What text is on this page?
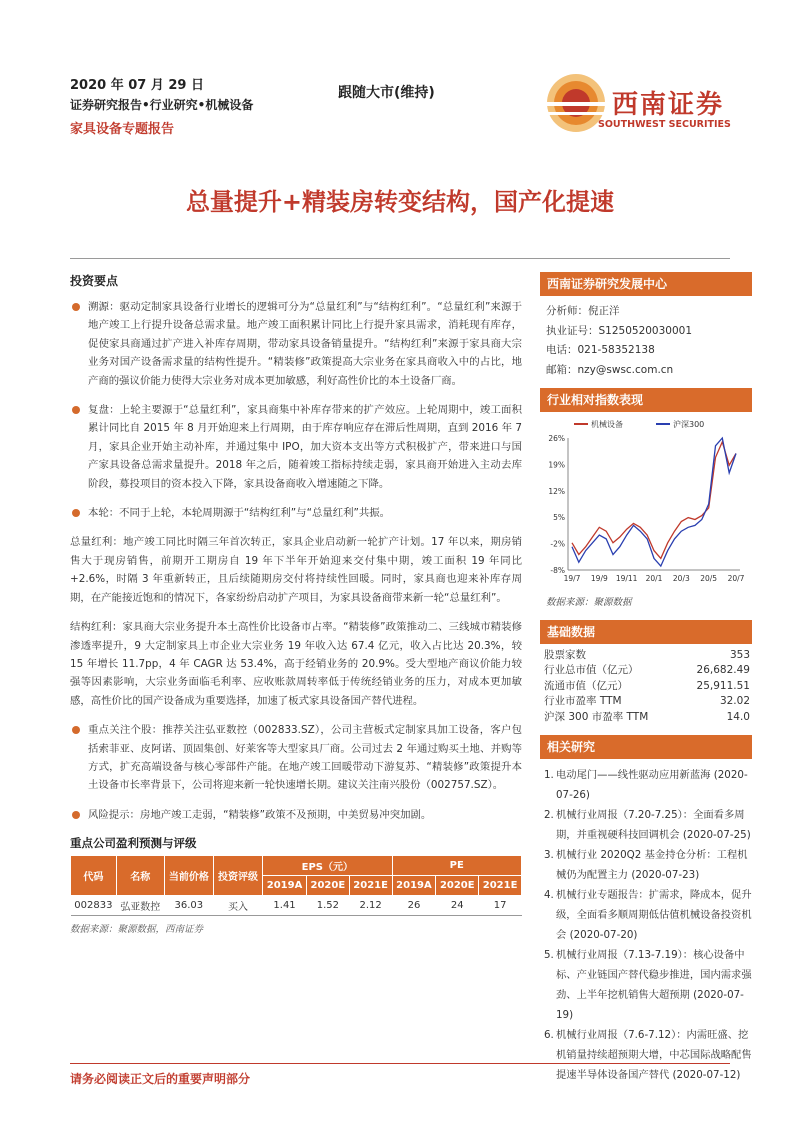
2020 年 07 月 29 日
证券研究报告•行业研究•机械设备
家具设备专题报告
跟随大市(维持)	西南证券
SOUTHWEST SECURITIES
总量提升+精装房转变结构，国产化提速
投资要点
溯源：驱动定制家具设备行业增长的逻辑可分为“总量红利”与“结构红利”。“总量红利”来源于地产竣工上行提升设备总需求量。地产竣工面积累计同比上行提升家具需求，消耗现有库存，促使家具商通过扩产进入补库存周期，带动家具设备销量提升。“结构红利”来源于家具商大宗业务对国产设备需求量的结构性提升。“精装修”政策提高大宗业务在家具商收入中的占比，地产商的强议价能力使得大宗业务对成本更加敏感，利好高性价比的本土设备厂商。
复盘：上轮主要源于“总量红利”，家具商集中补库存带来的扩产效应。上轮周期中，竣工面积累计同比自 2015 年 8 月开始迎来上行周期，由于库存响应存在滞后性周期，直到 2016 年 7 月，家具企业开始主动补库，并通过集中 IPO，加大资本支出等方式积极扩产，带来进口与国产家具设备总需求量提升。2018 年之后，随着竣工指标持续走弱，家具商开始进入主动去库阶段，募投项目的资本投入下降，家具设备商收入增速随之下降。
本轮：不同于上轮，本轮周期源于“结构红利”与“总量红利”共振。
总量红利：地产竣工同比时隔三年首次转正，家具企业启动新一轮扩产计划。17 年以来，期房销售大于现房销售，前期开工期房自 19 年下半年开始迎来交付集中期，竣工面积 19 年同比+2.6%，时隔 3 年重新转正，且后续随期房交付将持续性回暖。同时，家具商也迎来补库存周期，在产能接近饱和的情况下，各家纷纷启动扩产项目，为家具设备商带来新一轮“总量红利”。
结构红利：家具商大宗业务提升本土高性价比设备市占率。“精装修”政策推动二、三线城市精装修渗透率提升，9 大定制家具上市企业大宗业务 19 年收入达 67.4 亿元，收入占比达 20.3%，较 15 年增长 11.7pp，4 年 CAGR 达 53.4%，高于经销业务的 20.9%。受大型地产商议价能力较强等因素影响，大宗业务面临毛利率、应收账款周转率低于传统经销业务的压力，对成本更加敏感，高性价比的国产设备成为重要选择，加速了板式家具设备国产替代进程。
重点关注个股：推荐关注弘亚数控（002833.SZ），公司主营板式定制家具加工设备，客户包括索菲亚、皮阿诺、顶固集创、好莱客等大型家具厂商。公司过去 2 年通过购买土地、并购等方式，扩充高端设备与核心零部件产能。在地产竣工回暖带动下游复苏、“精装修”政策提升本土设备市长率背景下，公司将迎来新一轮快速增长期。建议关注南兴股份（002757.SZ）。
风险提示：房地产竣工走弱，“精装修”政策不及预期，中美贸易冲突加剧。
重点公司盈利预测与评级
代码	名称	当前价格	投资评级	EPS（元）			PE		
				2019A	2020E	2021E	2019A	2020E	2021E
002833	弘亚数控	36.03	买入	1.41	1.52	2.12	26	24	17
数据来源：聚源数据，西南证券
西南证券研究发展中心
分析师：倪正洋
执业证号：S1250520030001
电话：021-58352138
邮箱：nzy@swsc.com.cn
行业相对指数表现
26%
19%
12%
5%
-2%
-8%
19/7 19/9 19/11 20/1 20/3 20/5 20/7
机械设备	沪深300
数据来源：聚源数据
基础数据
股票家数	353
行业总市值（亿元）	26,682.49
流通市值（亿元）	25,911.51
行业市盈率 TTM	32.02
沪深 300 市盈率 TTM	14.0
相关研究
1. 电动尾门——线性驱动应用新蓝海 (2020-07-26)
2. 机械行业周报（7.20-7.25）：全面看多周期，并重视硬科技回调机会 (2020-07-25)
3. 机械行业 2020Q2 基金持仓分析：工程机械仍为配置主力 (2020-07-23)
4. 机械行业专题报告：扩需求，降成本，促升级，全面看多顺周期低估值机械设备投资机会 (2020-07-20)
5. 机械行业周报（7.13-7.19）：核心设备中标、产业链国产替代稳步推进，国内需求强劲、上半年挖机销售大超预期 (2020-07-19)
6. 机械行业周报（7.6-7.12）：内需旺盛、挖机销量持续超预期大增，中芯国际战略配售提速半导体设备国产替代 (2020-07-12)
请务必阅读正文后的重要声明部分
